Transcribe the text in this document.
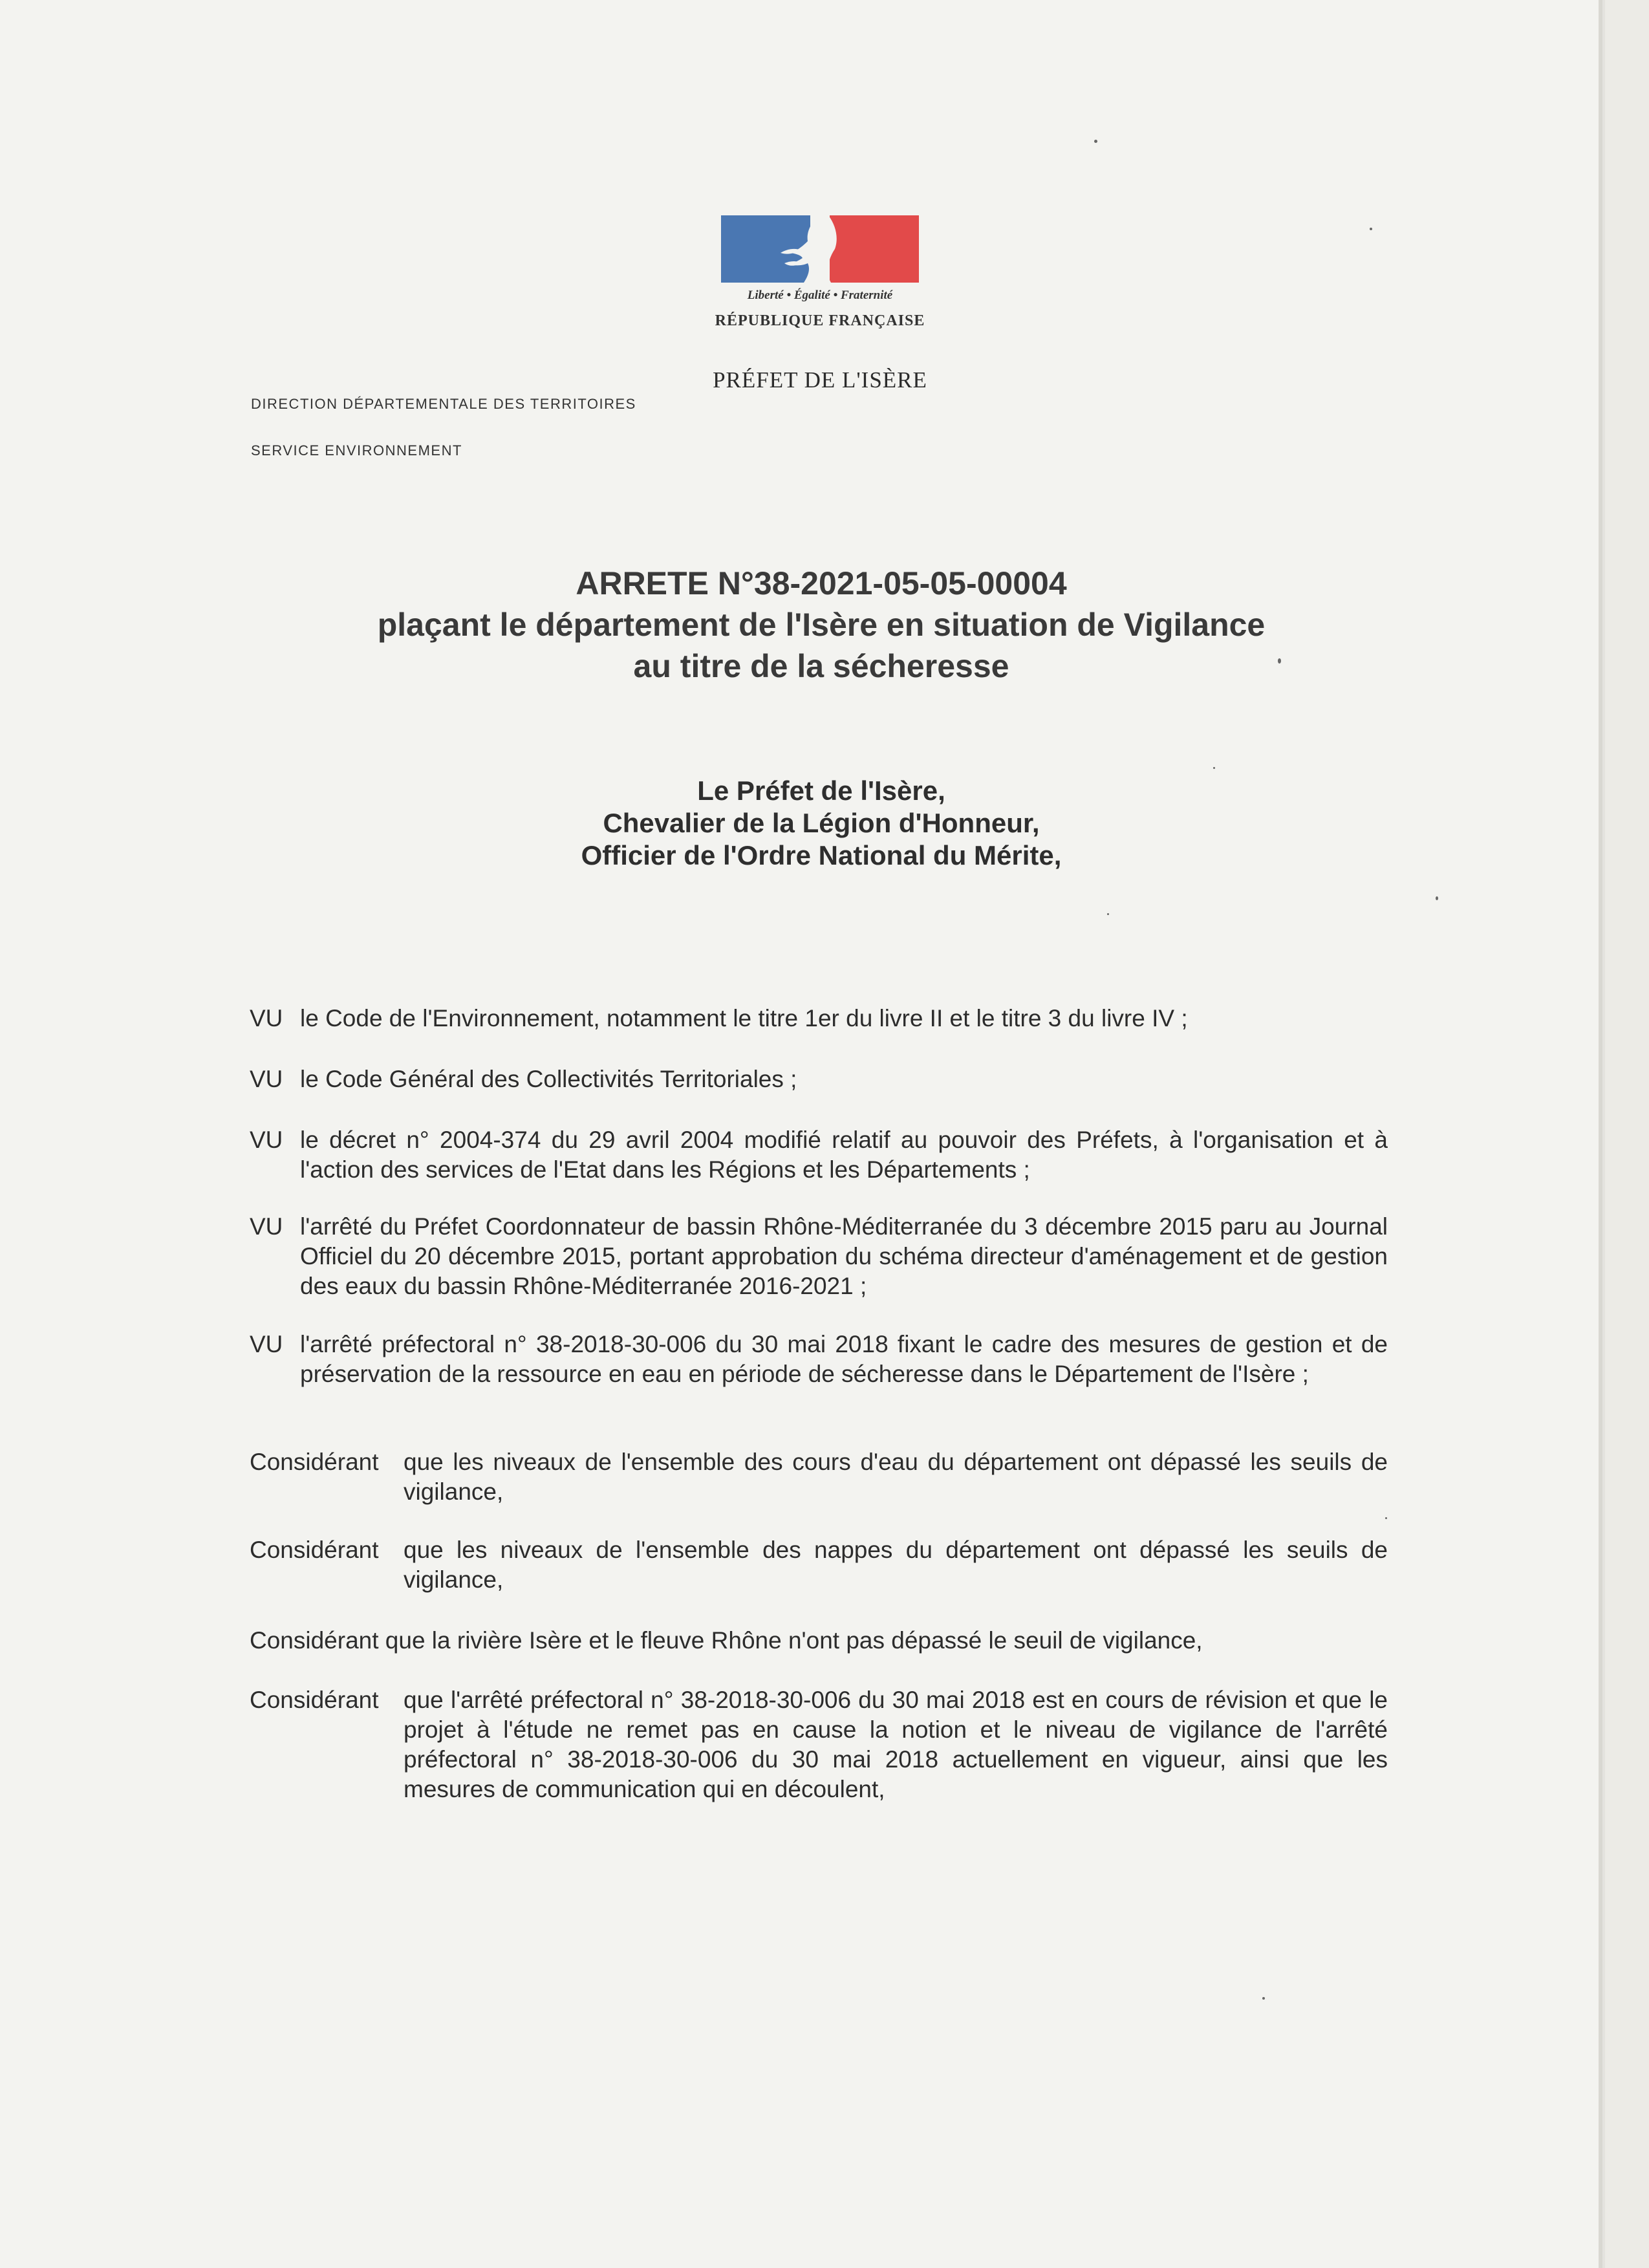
Liberté • Égalité • Fraternité
RÉPUBLIQUE FRANÇAISE
PRÉFET DE L'ISÈRE
DIRECTION DÉPARTEMENTALE DES TERRITOIRES
SERVICE ENVIRONNEMENT
ARRETE N°38-2021-05-05-00004
plaçant le département de l'Isère en situation de Vigilance
au titre de la sécheresse
Le Préfet de l'Isère,
Chevalier de la Légion d'Honneur,
Officier de l'Ordre National du Mérite,
VU le Code de l'Environnement, notamment le titre 1er du livre II et le titre 3 du livre IV ;
VU le Code Général des Collectivités Territoriales ;
VU le décret n° 2004-374 du 29 avril 2004 modifié relatif au pouvoir des Préfets, à l'organisation et à l'action des services de l'Etat dans les Régions et les Départements ;
VU l'arrêté du Préfet Coordonnateur de bassin Rhône-Méditerranée du 3 décembre 2015 paru au Journal Officiel du 20 décembre 2015, portant approbation du schéma directeur d'aménagement et de gestion des eaux du bassin Rhône-Méditerranée 2016-2021 ;
VU l'arrêté préfectoral n° 38-2018-30-006 du 30 mai 2018 fixant le cadre des mesures de gestion et de préservation de la ressource en eau en période de sécheresse dans le Département de l'Isère ;
Considérant que les niveaux de l'ensemble des cours d'eau du département ont dépassé les seuils de vigilance,
Considérant que les niveaux de l'ensemble des nappes du département ont dépassé les seuils de vigilance,
Considérant que la rivière Isère et le fleuve Rhône n'ont pas dépassé le seuil de vigilance,
Considérant que l'arrêté préfectoral n° 38-2018-30-006 du 30 mai 2018 est en cours de révision et que le projet à l'étude ne remet pas en cause la notion et le niveau de vigilance de l'arrêté préfectoral n° 38-2018-30-006 du 30 mai 2018 actuellement en vigueur, ainsi que les mesures de communication qui en découlent,
